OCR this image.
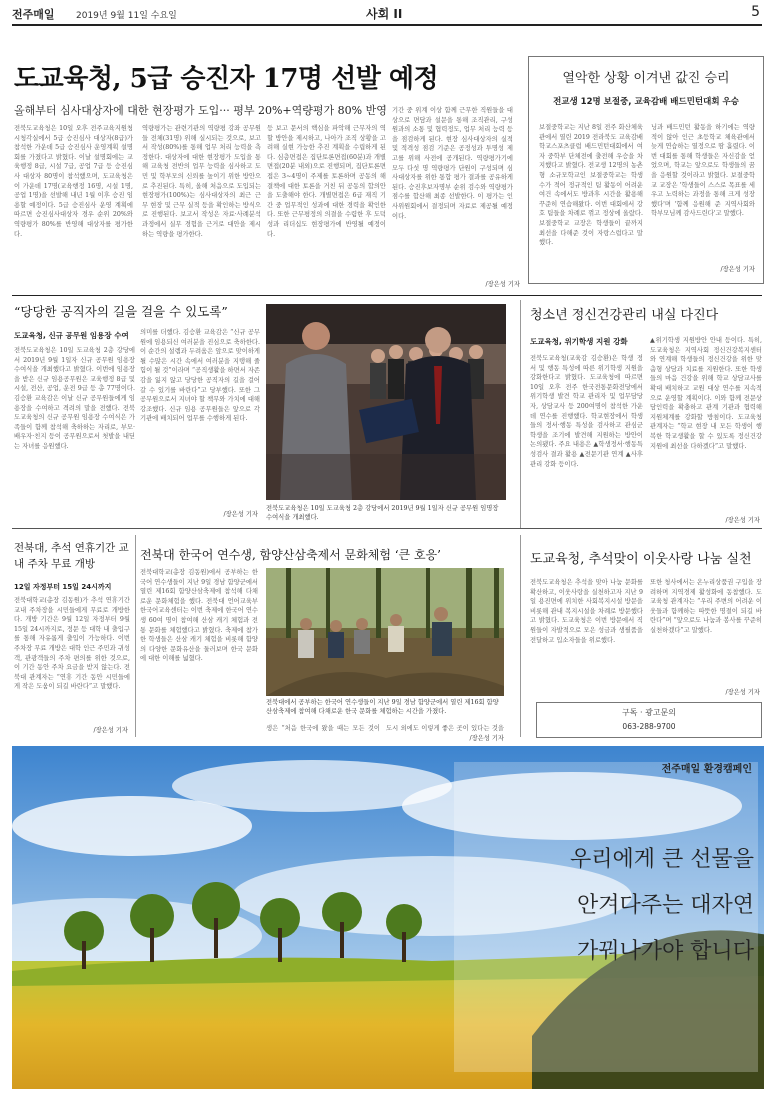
전주매일 2019년 9월 11일 수요일	사회 II	5
도교육청, 5급 승진자 17명 선발 예정
올해부터 심사대상자에 대한 현장평가 도입··· 평부 20%+역량평가 80% 반영
전북도교육청은 10일 오후 전주교육지원청 시청각실에서 5급 승진심사 대상자(8급)가 참석한 가운데 5급 승진심사 운영계획 설명회를 가졌다고 밝혔다. 이날 설명회에는 교육행정 8급, 시설 7급, 공업 7급 등 승진심사 대상자 80명이 참석했으며, 도교육청은 이 가운데 17명(교육행정 16명, 시설 1명, 공업 1명)을 선발해 내년 1월 이후 승진 임용할 예정이다. 5급 승진심사 운영 계획에 따르면 승진심사대상자 경우 순위 20%와 역량평가 80%를 반영해 대상자를 평가한다.
역량평가는 관련기관의 역량평 강좌 공무원들 전체(31명) 위해 실시되는 것으로, 보고서 작성(80%)를 통해 업무 처리 능력을 측정한다. 대상자에 대한 현장평가 도입을 통해 교육청 전반의 업무 능력을 심사하고 도민 및 학부모의 신뢰를 높이기 위한 방안으로 추진된다. 특히, 올해 처음으로 도입되는 현장평가(100%)는 심사대상자의 최근 근무 현장 및 근무 실적 등을 확인하는 방식으로 진행된다. 보고서 작성은 자료·사례분석 과정에서 실무 경험을 근거로 대안을 제시하는 역량을 평가한다.
등 보고 문서의 핵심을 파악해 근무자의 역할 방안을 제시하고, 나아가 조직 상황을 고려해 실현 가능한 추진 계획을 수립하게 된다. 심층면접은 집단토론면접(60분)과 개별면접(20분 내외)으로 진행되며, 집단토론면접은 3~4명이 주제를 토론하며 공동의 해결책에 대한 토론을 거친 뒤 공동의 합의안을 도출해야 한다. 개별면접은 6급 재직 기간 중 업무적인 성과에 대한 경력을 확인한다. 또한 근무평정의 의결을 수렴한 후 도덕성과 리더십도 현장평가에 반영될 예정이다.
기간 중 위계 이상 함께 근무한 직원들을 대상으로 면담과 설문을 통해 조직관리, 구성원과의 소통 및 협력정도, 업무 처리 능력 등을 점검하게 된다. 현장 심사대상자의 실적 및 적격성 점검 기준은 공정성과 투명성 제고를 위해 사전에 공개된다. 역량평가기에 모두 다섯 명 역량평가 단원이 구성되며 심사대상자를 위한 통합 평가 결과를 공유하게 된다. 승진후보자명부 순위 검수와 역량평가 점수를 합산해 최종 선발한다. 이 평가는 인사위원회에서 결정되며 자료로 제공될 예정이다.
/장은성 기자
열악한 상황 이겨낸 값진 승리
전교생 12명 보절중, 교육감배 배드민턴대회 우승
보절중학교는 지난 8일 전주 화산체육관에서 열린 2019 전라북도 교육감배 학교스포츠클럽 배드민턴대회에서 여자 중학부 단체전에 출전해 우승을 차지했다고 밝혔다. 전교생 12명의 농촌형 소규모학교인 보절중학교는 학생 수가 적어 정규적인 팀 활동이 어려운 여건 속에서도 방과후 시간을 활용해 꾸준히 연습해왔다. 이번 대회에서 강호 팀들을 차례로 꺾고 정상에 올랐다. 보절중학교 교장은 학생들이 끝까지 최선을 다해준 것이 자랑스럽다고 말했다.
닝과 배드민턴 활동을 하기에는 역량적이 않아 인근 초등학교 체육관에서 늦게 연습하는 열정으로 땀 흘렸다. 이번 대회를 통해 학생들은 자신감을 얻었으며, 학교는 앞으로도 학생들의 꿈을 응원할 것이라고 밝혔다. 보절중학교 교장은 '학생들이 스스로 목표를 세우고 노력하는 과정을 통해 크게 성장했다'며 '함께 응원해 준 지역사회와 학부모님께 감사드린다'고 말했다.
/장은성 기자
“당당한 공직자의 길을 걸을 수 있도록”
도교육청, 신규 공무원 임용장 수여
전북도교육청은 10일 도교육청 2층 강당에서 2019년 9월 1일자 신규 공무원 임용장 수여식을 개최했다고 밝혔다. 이번에 임용장을 받은 신규 임용공무원은 교육행정 8급 및 시설, 전산, 공업, 운전 9급 등 총 77명이다. 김승환 교육감은 이날 신규 공무원들에게 임용장을 수여하고 격려의 말을 전했다. 전북도교육청의 신규 공무원 임용장 수여식은 가족들이 함께 참석해 축하하는 자리로, 부모·배우자·친지 등이 공무원으로서 첫발을 내딛는 자녀를 응원했다.
의미를 더했다. 김승환 교육감은 “신규 공무원에 임용되신 여러분을 진심으로 축하한다. 이 순간의 설렘과 두려움은 앞으로 맞이하게 될 수많은 시간 속에서 여러분을 지탱해 줄 힘이 될 것”이라며 “공직생활을 하면서 자존감을 잃지 않고 당당한 공직자의 길을 걸어갈 수 있기를 바란다”고 당부했다. 또한 그 공무원으로서 지녀야 할 책무와 가치에 대해 강조했다. 신규 임용 공무원들은 앞으로 각 기관에 배치되어 업무를 수행하게 된다.
/장은성 기자
전북도교육청은 10일 도교육청 2층 강당에서 2019년 9월 1일자 신규 공무원 임명장 수여식을 개최했다.
청소년 정신건강관리 내실 다진다
도교육청, 위기학생 지원 강화
전북도교육청(교육감 김승환)은 학생 정서 및 행동 특성에 따른 위기학생 지원을 강화한다고 밝혔다. 도교육청에 따르면 10일 오후 전주 한국전통문화전당에서 위기학생 발견 학교 관리자 및 업무담당자, 상담교사 등 200여명이 참석한 가운데 연수를 진행했다. 학교현장에서 학생들의 정서·행동 특성을 검사하고 관심군 학생을 조기에 발견해 지원하는 방안이 논의됐다. 주요 내용은 ▲학생정서·행동특성검사 결과 활용 ▲전문기관 연계 ▲사후관리 강화 등이다.
▲위기학생 지원방안 안내 등이다. 특히, 도교육청은 지역사회 정신건강복지센터와 연계해 학생들의 정신건강을 위한 맞춤형 상담과 치료를 지원한다. 또한 학생들의 마음 건강을 위해 학교 상담교사를 확대 배치하고 교원 대상 연수를 지속적으로 운영할 계획이다. 이와 함께 전문상담인력을 확충하고 관계 기관과 협력해 지원체계를 강화할 방침이다. 도교육청 관계자는 “학교 현장 내 모든 학생이 행복한 학교생활을 할 수 있도록 정신건강 지원에 최선을 다하겠다”고 말했다.
/장은성 기자
전북대, 추석 연휴기간 교내 주차 무료 개방
12일 자정부터 15일 24시까지
전북대학교(총장 김동원)가 추석 연휴기간 교내 주차장을 시민들에게 무료로 개방한다. 개방 기간은 9월 12일 자정부터 9월 15일 24시까지로, 정문 등 대학 내 출입구를 통해 자유롭게 출입이 가능하다. 이번 주차장 무료 개방은 대학 인근 주민과 귀성객, 관광객들의 주차 편의를 위한 것으로, 이 기간 동안 주차 요금을 받지 않는다. 전북대 관계자는 “연휴 기간 동안 시민들에게 작은 도움이 되길 바란다”고 말했다.
/장은성 기자
전북대 한국어 연수생, 함양산삼축제서 문화체험 ‘큰 호응’
전북대학교(총장 김동원)에서 공부하는 한국어 연수생들이 지난 9일 경남 함양군에서 열린 제16회 함양산삼축제에 참석해 다채로운 문화체험을 했다. 전북대 언어교육부 한국어교육센터는 이번 축제에 한국어 연수생 60여 명이 참여해 산삼 캐기 체험과 전통 문화를 체험했다고 밝혔다. 축제에 참가한 학생들은 산삼 캐기 체험을 비롯해 함양의 다양한 문화유산을 둘러보며 한국 문화에 대한 이해를 넓혔다.
전북대에서 공부하는 한국어 연수생들이 지난 9일 경남 함양군에서 열린 제16회 함양산삼축제에 참여해 다채로운 한국 문화를 체험하는 시간을 가졌다.
생은 “처음 한국에 왔을 때는 모든 것이 도시 외에도 이렇게 좋은 곳이 있다는 것을
/장은성 기자
도교육청, 추석맞이 이웃사랑 나눔 실천
전북도교육청은 추석을 맞아 나눔 문화를 확산하고, 이웃사랑을 실천하고자 지난 9일 용진면에 위치한 사회복지시설 방문을 비롯해 관내 복지시설을 차례로 방문했다고 밝혔다. 도교육청은 이번 방문에서 직원들이 자발적으로 모은 성금과 생필품을 전달하고 입소자들을 위로했다.
또한 청사에서는 온누리상품권 구입을 장려하며 지역경제 활성화에 동참했다. 도교육청 관계자는 “우리 주변의 어려운 이웃들과 함께하는 따뜻한 명절이 되길 바란다”며 “앞으로도 나눔과 봉사를 꾸준히 실천하겠다”고 말했다.
/장은성 기자
구독 · 광고문의
063-288-9700
전주매일 환경캠페인
우리에게 큰 선물을
안겨다주는 대자연
가꿔나가야 합니다
